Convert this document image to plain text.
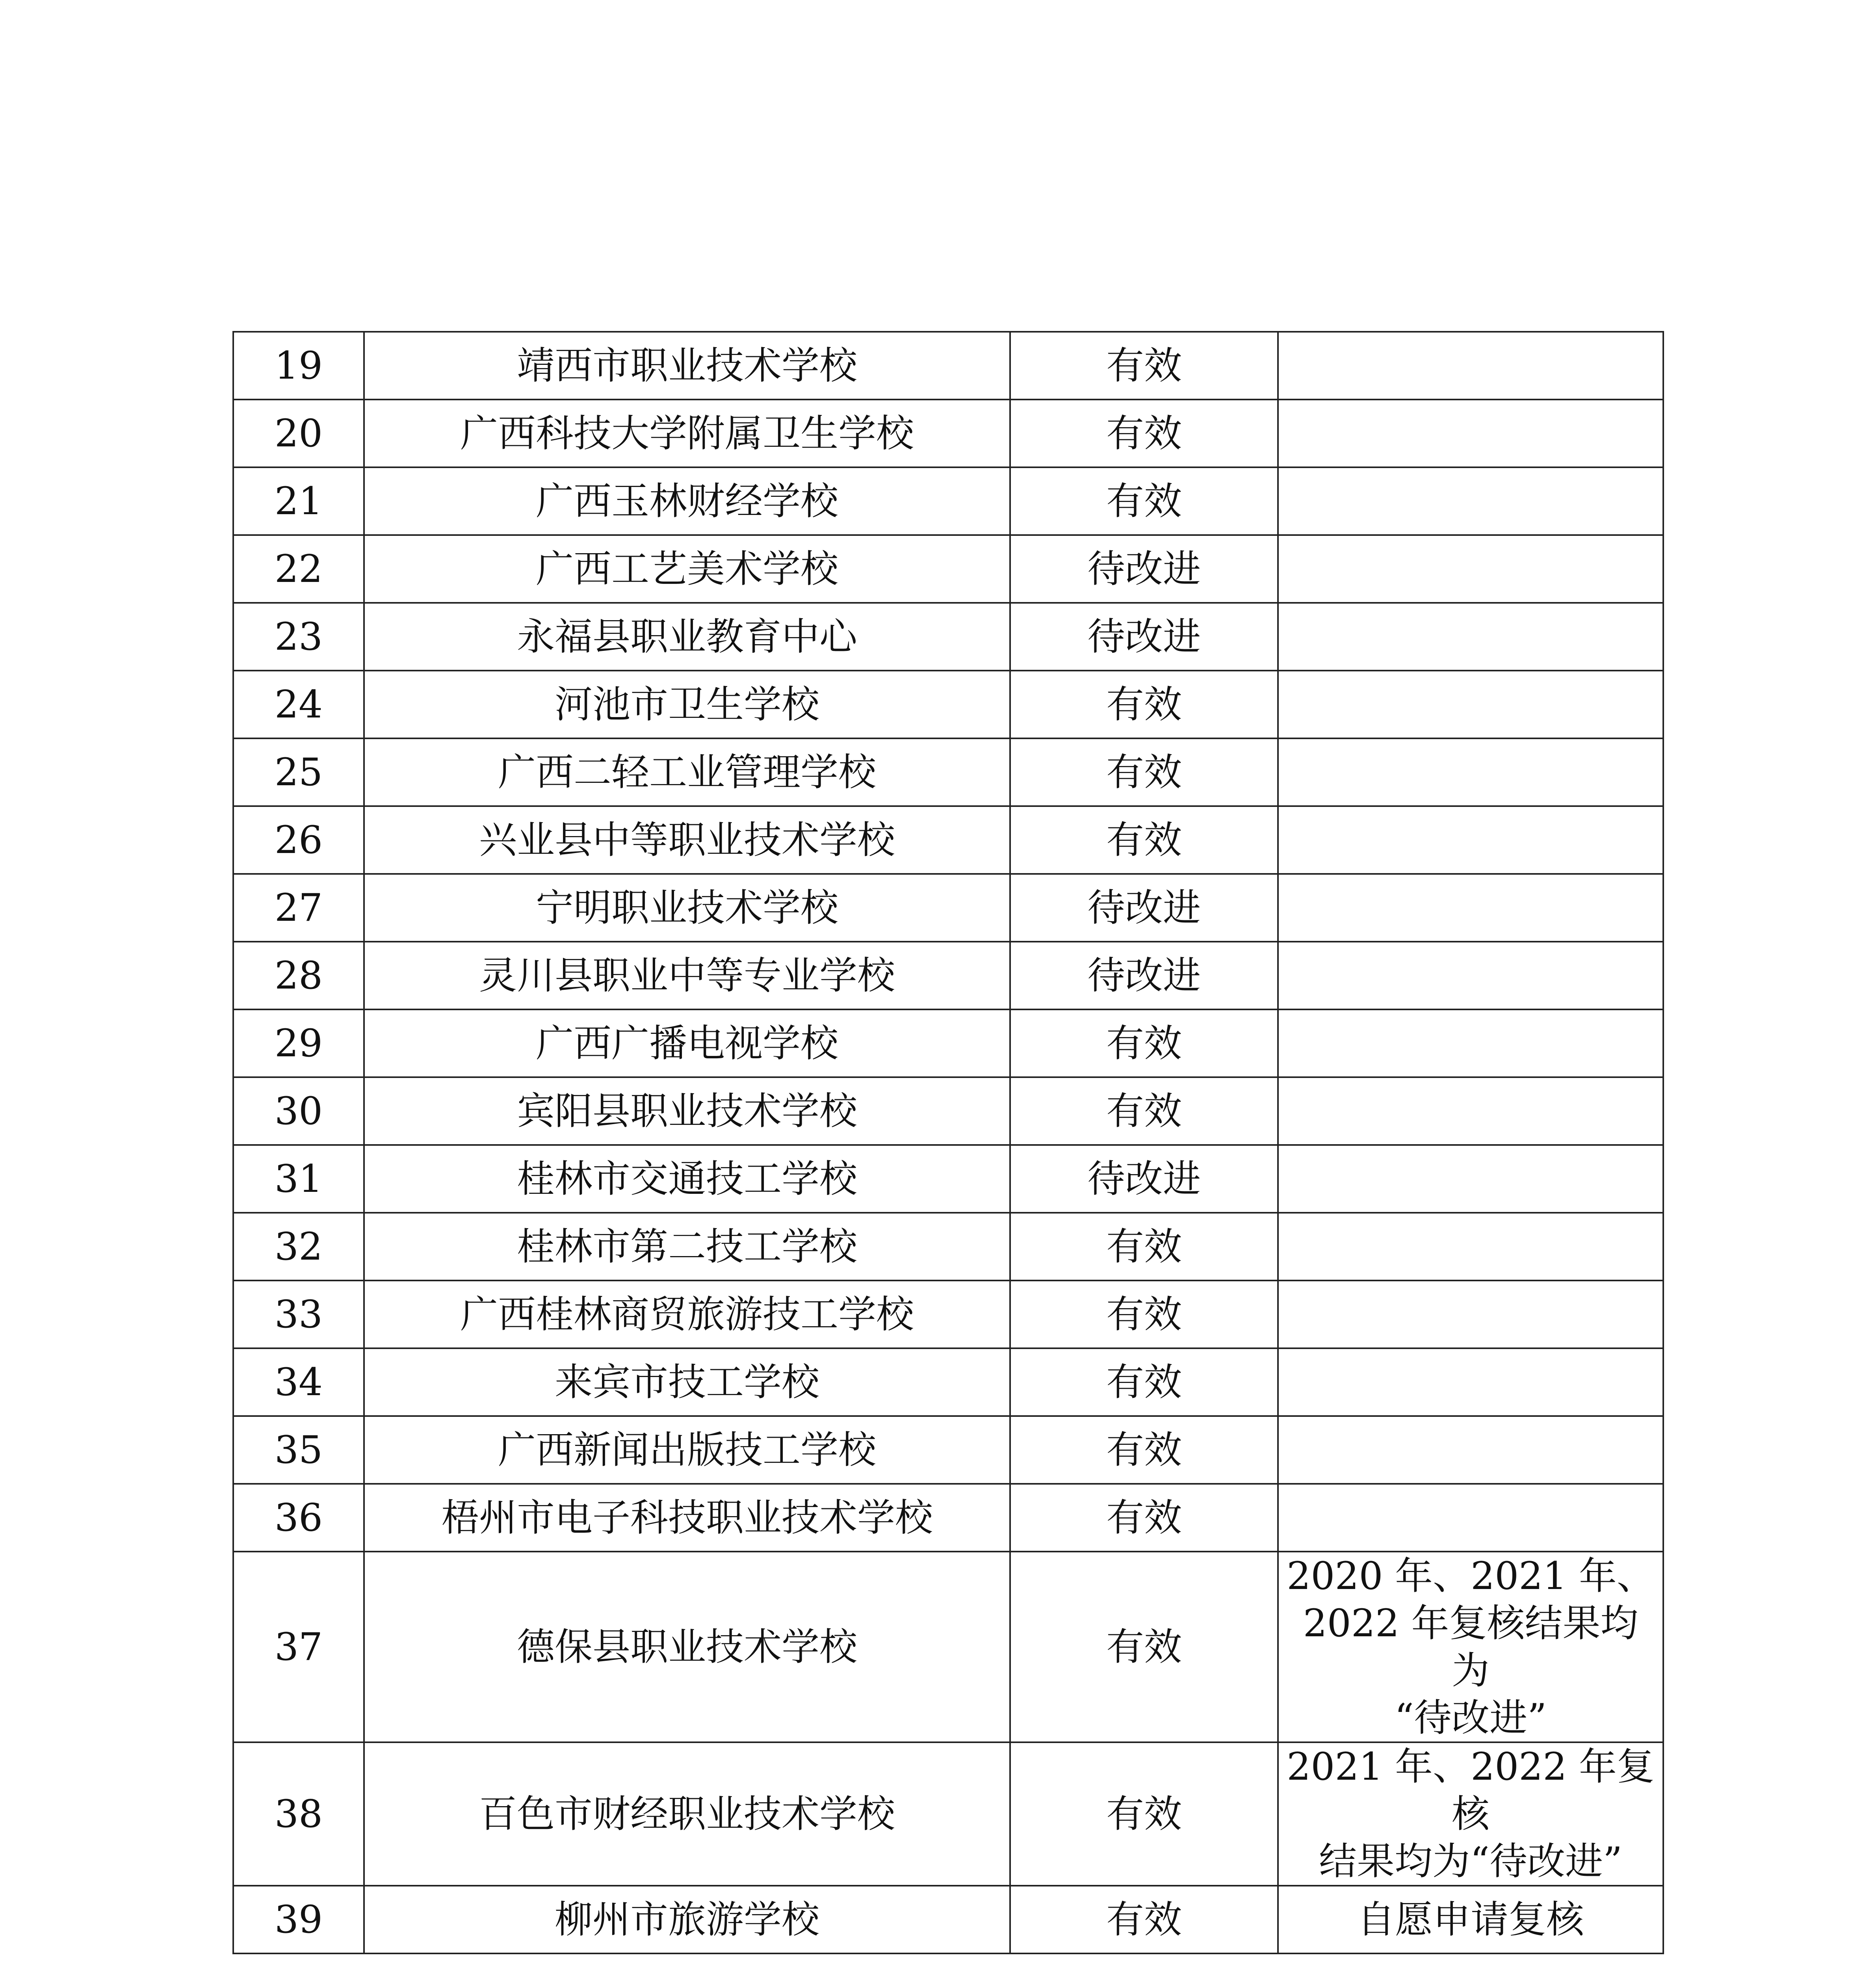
19	靖西市职业技术学校	有效	

20	广西科技大学附属卫生学校	有效	

21	广西玉林财经学校	有效	

22	广西工艺美术学校	待改进	

23	永福县职业教育中心	待改进	

24	河池市卫生学校	有效	

25	广西二轻工业管理学校	有效	

26	兴业县中等职业技术学校	有效	

27	宁明职业技术学校	待改进	

28	灵川县职业中等专业学校	待改进	

29	广西广播电视学校	有效	

30	宾阳县职业技术学校	有效	

31	桂林市交通技工学校	待改进	

32	桂林市第二技工学校	有效	

33	广西桂林商贸旅游技工学校	有效	

34	来宾市技工学校	有效	

35	广西新闻出版技工学校	有效	

36	梧州市电子科技职业技术学校	有效	

37	德保县职业技术学校	有效	2020 年、2021 年、
2022 年复核结果均为
“待改进”

38	百色市财经职业技术学校	有效	2021 年、2022 年复核
结果均为“待改进”

39	柳州市旅游学校	有效	自愿申请复核
